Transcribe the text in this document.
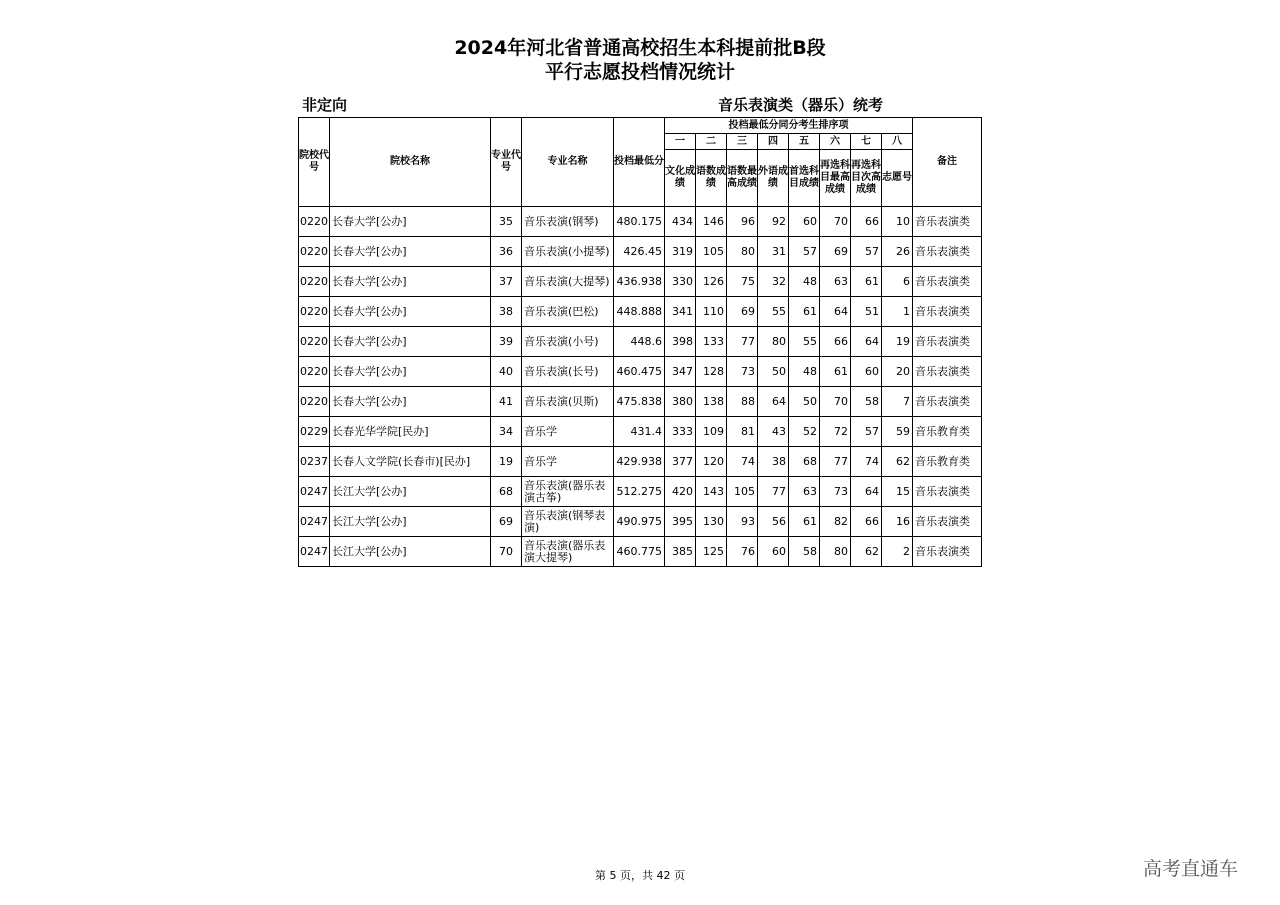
2024年河北省普通高校招生本科提前批B段
平行志愿投档情况统计
非定向	音乐表演类（器乐）统考
院校代号	院校名称	专业代号	专业名称	投档最低分	投档最低分同分考生排序项								备注
					一	二	三	四	五	六	七	八	
					文化成绩	语数成绩	语数最高成绩	外语成绩	首选科目成绩	再选科目最高成绩	再选科目次高成绩	志愿号	
0220	长春大学[公办]	35	音乐表演(钢琴)	480.175	434	146	96	92	60	70	66	10	音乐表演类
0220	长春大学[公办]	36	音乐表演(小提琴)	426.45	319	105	80	31	57	69	57	26	音乐表演类
0220	长春大学[公办]	37	音乐表演(大提琴)	436.938	330	126	75	32	48	63	61	6	音乐表演类
0220	长春大学[公办]	38	音乐表演(巴松)	448.888	341	110	69	55	61	64	51	1	音乐表演类
0220	长春大学[公办]	39	音乐表演(小号)	448.6	398	133	77	80	55	66	64	19	音乐表演类
0220	长春大学[公办]	40	音乐表演(长号)	460.475	347	128	73	50	48	61	60	20	音乐表演类
0220	长春大学[公办]	41	音乐表演(贝斯)	475.838	380	138	88	64	50	70	58	7	音乐表演类
0229	长春光华学院[民办]	34	音乐学	431.4	333	109	81	43	52	72	57	59	音乐教育类
0237	长春人文学院(长春市)[民办]	19	音乐学	429.938	377	120	74	38	68	77	74	62	音乐教育类
0247	长江大学[公办]	68	音乐表演(器乐表演古筝)	512.275	420	143	105	77	63	73	64	15	音乐表演类
0247	长江大学[公办]	69	音乐表演(钢琴表演)	490.975	395	130	93	56	61	82	66	16	音乐表演类
0247	长江大学[公办]	70	音乐表演(器乐表演大提琴)	460.775	385	125	76	60	58	80	62	2	音乐表演类
第 5 页，共 42 页	高考直通车
